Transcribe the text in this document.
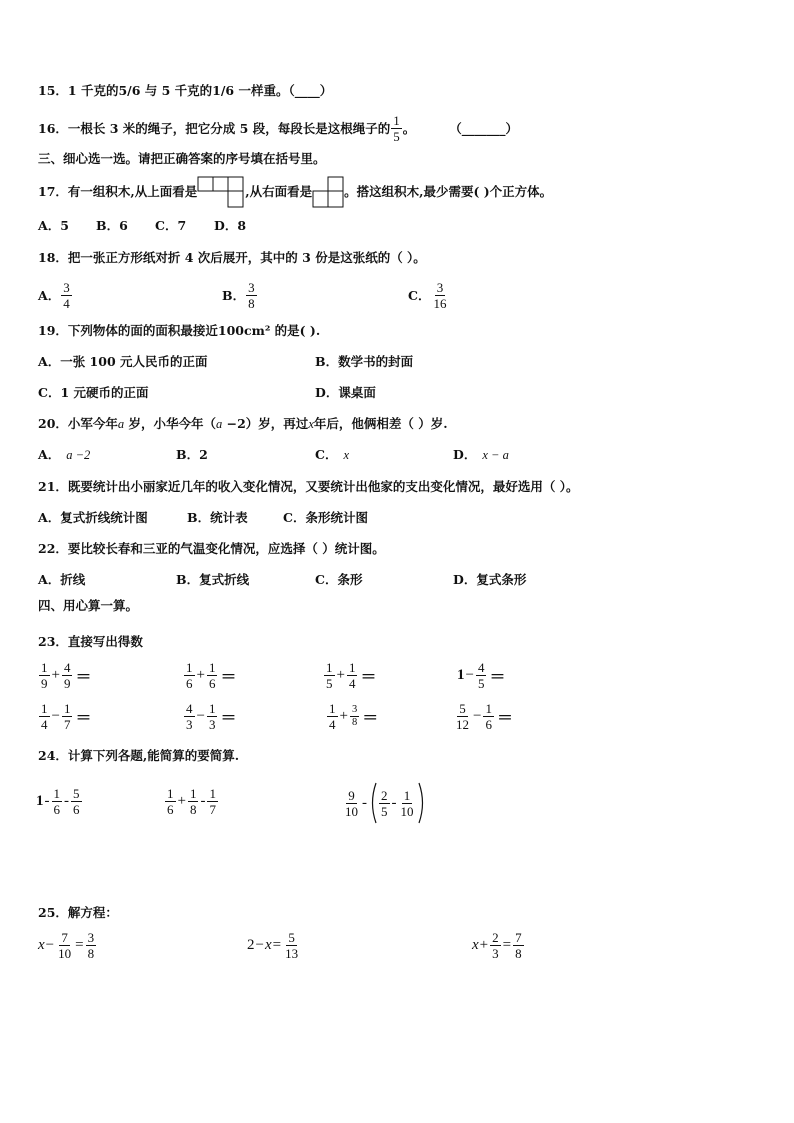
15．1 千克的5/6 与 5 千克的1/6 一样重。（____）
16． 一根长 3 米的绳子，把它分成 5 段，每段长是这根绳子的 $\frac{1}{5}$ 。	（_______）
三、细心选一选。请把正确答案的序号填在括号里。
17． 有一组积木,从上面看是	,从右面看是	。搭这组积木,最少需要( )个正方体。
A．5 B．6 C．7 D．8
18．把一张正方形纸对折 4 次后展开，其中的 3 份是这张纸的（ ）。
A． $\frac{3}{4}$	B． $\frac{3}{8}$	C． $\frac{3}{16}$
19．下列物体的面的面积最接近100cm² 的是( ).
A．一张 100 元人民币的正面	B．数学书的封面
C．1 元硬币的正面	D．课桌面
20．小军今年a 岁，小华今年（a −2）岁，再过x年后，他俩相差（ ）岁.
A． a −2	B．2	C． x	D． x − a
21．既要统计出小丽家近几年的收入变化情况，又要统计出他家的支出变化情况，最好选用（ ）。
A．复式折线统计图	B．统计表	C．条形统计图
22．要比较长春和三亚的气温变化情况，应选择（ ）统计图。
A．折线	B．复式折线	C．条形	D．复式条形
四、用心算一算。
23．直接写出得数
$\frac{1}{9} + \frac{4}{9}$ ＝	$\frac{1}{6} + \frac{1}{6}$ ＝	$\frac{1}{5} + \frac{1}{4}$ ＝	$1 - \frac{4}{5}$ ＝
$\frac{1}{4} - \frac{1}{7}$ ＝	$\frac{4}{3} - \frac{1}{3}$ ＝	$\frac{1}{4} + \frac{3}{8}$ ＝	$\frac{5}{12} - \frac{1}{6}$ ＝
24．计算下列各题,能简算的要简算.
$1 - \frac{1}{6} - \frac{5}{6}$	$\frac{1}{6} + \frac{1}{8} - \frac{1}{7}$	$\frac{9}{10} - \frac{2}{5} - \frac{1}{10}$
25．解方程：
$x - \frac{7}{10} = \frac{3}{8}$	$2 - x = \frac{5}{13}$	$x + \frac{2}{3} = \frac{7}{8}$
